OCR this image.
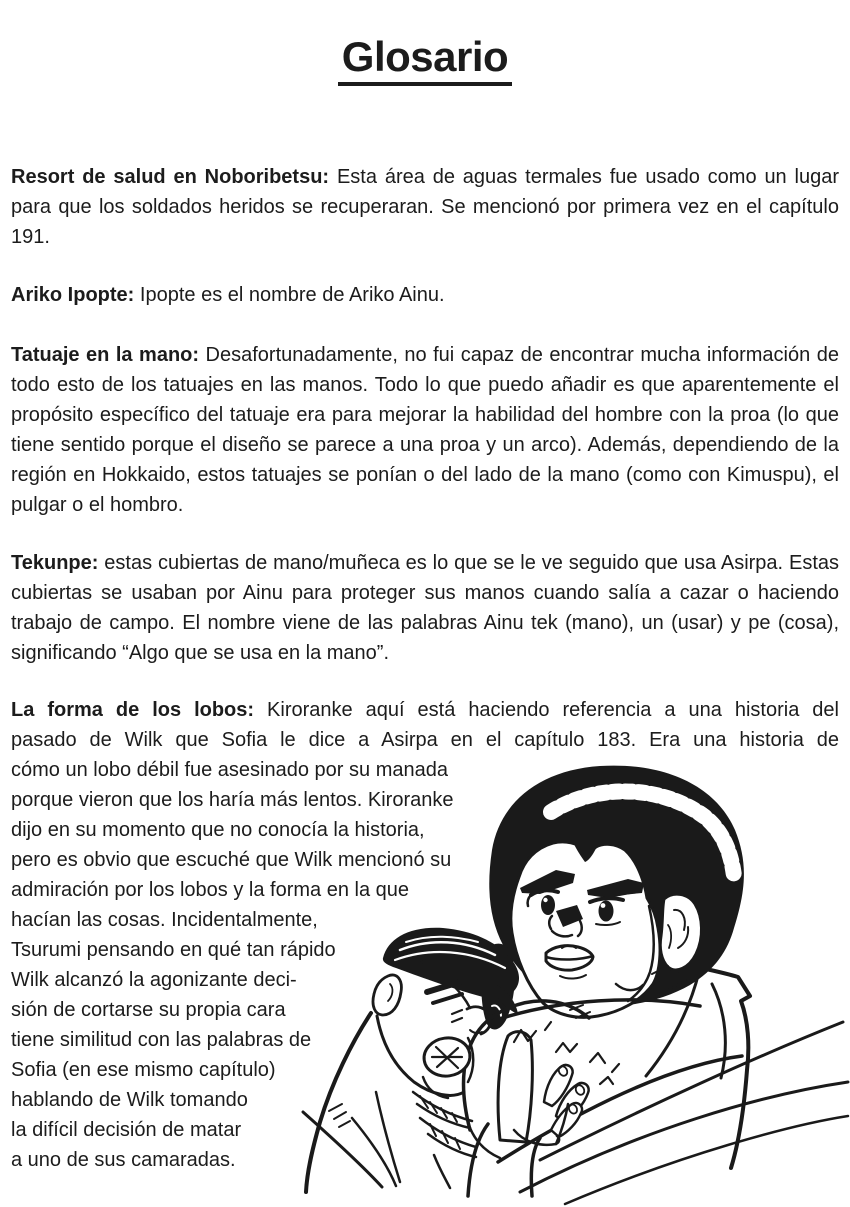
Glosario

Resort de salud en Noboribetsu: Esta área de aguas termales fue usado como un lugar para que los soldados heridos se recuperaran. Se mencionó por primera vez en el capítulo 191.

Ariko Ipopte: Ipopte es el nombre de Ariko Ainu.

Tatuaje en la mano: Desafortunadamente, no fui capaz de encontrar mucha información de todo esto de los tatuajes en las manos. Todo lo que puedo añadir es que aparentemente el propósito específico del tatuaje era para mejorar la habilidad del hombre con la proa (lo que tiene sentido porque el diseño se parece a una proa y un arco). Además, dependiendo de la región en Hokkaido, estos tatuajes se ponían o del lado de la mano (como con Kimuspu), el pulgar o el hombro.

Tekunpe: estas cubiertas de mano/muñeca es lo que se le ve seguido que usa Asirpa. Estas cubiertas se usaban por Ainu para proteger sus manos cuando salía a cazar o haciendo trabajo de campo. El nombre viene de las palabras Ainu tek (mano), un (usar) y pe (cosa), significando “Algo que se usa en la mano”.

La forma de los lobos: Kiroranke aquí está haciendo referencia a una historia del
pasado de Wilk que Sofia le dice a Asirpa en el capítulo 183. Era una historia de
cómo un lobo débil fue asesinado por su manada
porque vieron que los haría más lentos. Kiroranke
dijo en su momento que no conocía la historia,
pero es obvio que escuché que Wilk mencionó su
admiración por los lobos y la forma en la que
hacían las cosas. Incidentalmente,
Tsurumi pensando en qué tan rápido
Wilk alcanzó la agonizante deci-
sión de cortarse su propia cara
tiene similitud con las palabras de
Sofia (en ese mismo capítulo)
hablando de Wilk tomando
la difícil decisión de matar
a uno de sus camaradas.
